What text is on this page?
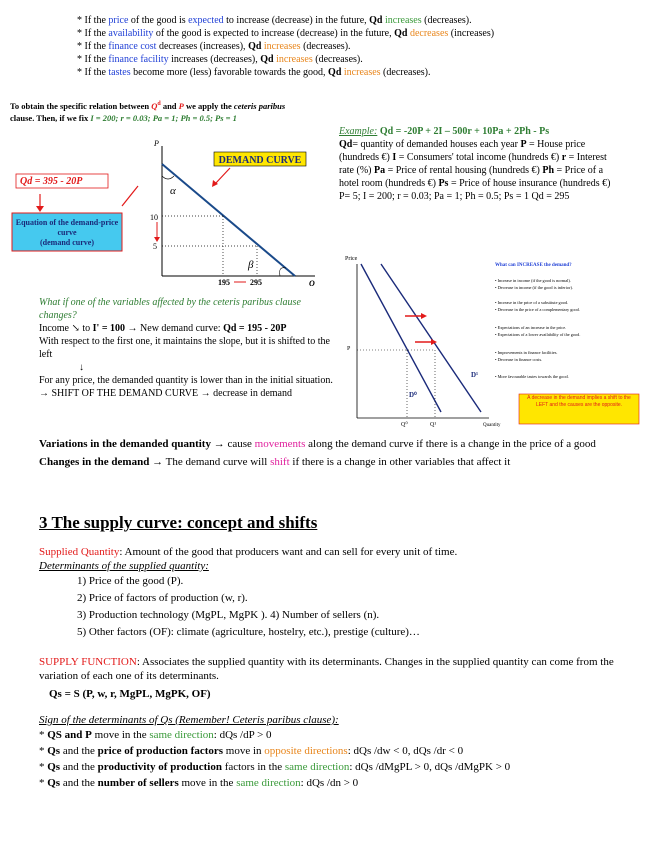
* If the price of the good is expected to increase (decrease) in the future, Qd increases (decreases).
* If the availability of the good is expected to increase (decrease) in the future, Qd decreases (increases)
* If the finance cost decreases (increases), Qd increases (decreases).
* If the finance facility increases (decreases), Qd increases (decreases).
* If the tastes become more (less) favorable towards the good, Qd increases (decreases).
To obtain the specific relation between $Q^d$ and P we apply the ceteris paribus
clause. Then, if we fix I = 200; r = 0.03; Pa = 1; Ph = 0.5; Ps = 1
Qd = 395 - 20P
Equation of the demand-price
curve
(demand curve)
P
Q
α
β
10
5
195	295
DEMAND CURVE
Example: Qd = -20P + 2I – 500r + 10Pa + 2Ph - Ps
Qd= quantity of demanded houses each year P = House price (hundreds €) I = Consumers' total income (hundreds €) r = Interest rate (%) Pa = Price of rental housing (hundreds €) Ph = Price of a hotel room (hundreds €) Ps = Price of house insurance (hundreds €)
P= 5; I = 200; r = 0.03; Pa = 1; Ph = 0.5; Ps = 1 Qd = 295
Price
P
Quantity
Q⁰	Q¹
D⁰
D¹
What can INCREASE the demand?
• Increase in income (if the good is normal).
• Decrease in income (if the good is inferior).
• Increase in the price of a substitute good.
• Decrease in the price of a complementary good.
• Expectations of an increase in the price.
• Expectations of a lower availability of the good.
• Improvements in finance facilities.
• Decrease in finance costs.
• More favourable tastes towards the good.
A decrease in the demand implies a shift to the LEFT and the causes are the opposite.
What if one of the variables affected by the ceteris paribus clause changes?
Income ↘ to I' = 100 → New demand curve: Qd = 195 - 20P
With respect to the first one, it maintains the slope, but it is shifted to the left
↓
For any price, the demanded quantity is lower than in the initial situation. → SHIFT OF THE DEMAND CURVE → decrease in demand
Variations in the demanded quantity → cause movements along the demand curve if there is a change in the price of a good
Changes in the demand → The demand curve will shift if there is a change in other variables that affect it
3 The supply curve: concept and shifts
Supplied Quantity: Amount of the good that producers want and can sell for every unit of time.
Determinants of the supplied quantity:
1) Price of the good (P).
2) Price of factors of production (w, r).
3) Production technology (MgPL, MgPK ). 4) Number of sellers (n).
5) Other factors (OF): climate (agriculture, hostelry, etc.), prestige (culture)…
SUPPLY FUNCTION: Associates the supplied quantity with its determinants. Changes in the supplied quantity can come from the variation of each one of its determinants.
Qs = S (P, w, r, MgPL, MgPK, OF)
Sign of the determinants of Qs (Remember! Ceteris paribus clause):
* QS and P move in the same direction: dQs /dP > 0
* Qs and the price of production factors move in opposite directions: dQs /dw < 0, dQs /dr < 0
* Qs and the productivity of production factors in the same direction: dQs /dMgPL > 0, dQs /dMgPK > 0
* Qs and the number of sellers move in the same direction: dQs /dn > 0
